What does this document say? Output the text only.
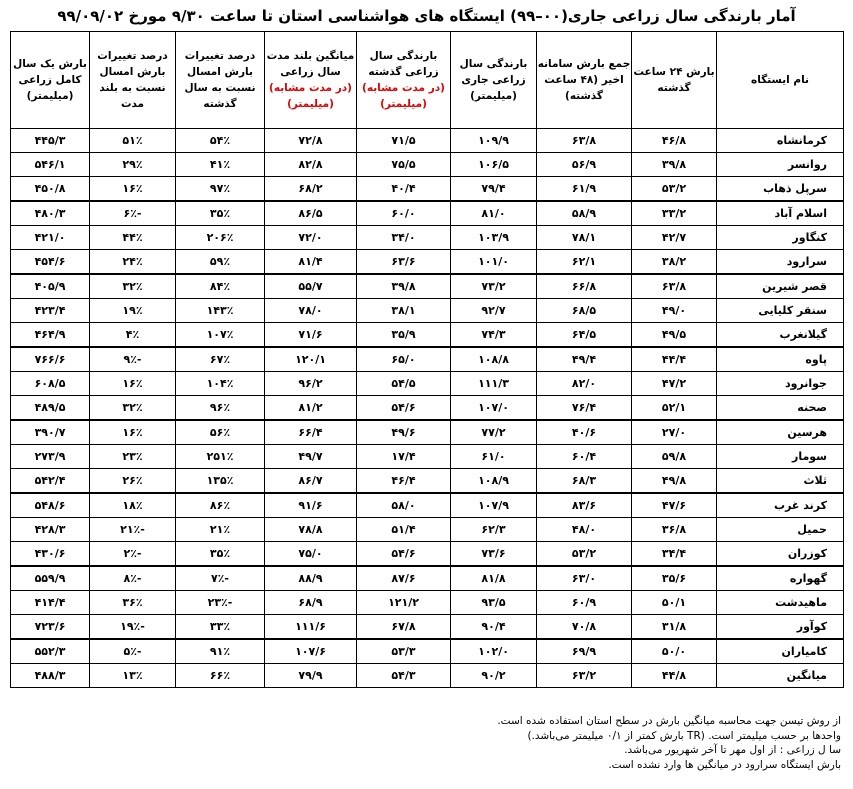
آمار بارندگی سال زراعی جاری(۰۰–۹۹) ایستگاه های هواشناسی استان تا ساعت ۹/۳۰ مورخ ۹۹/۰۹/۰۲
نام ایستگاه	بارش ۲۴ ساعت گذشته	جمع بارش سامانه اخیر (۴۸ ساعت گذشته)	بارندگی سال زراعی جاری (میلیمتر)	بارندگی سال زراعی گذشته
(در مدت مشابه) (میلیمتر)	میانگین بلند مدت سال زراعی
(در مدت مشابه) (میلیمتر)	درصد تغییرات بارش امسال نسبت به سال گذشته	درصد تغییرات بارش امسال نسبت به بلند مدت	بارش یک سال کامل زراعی (میلیمتر)
کرمانشاه	۴۶/۸	۶۳/۸	۱۰۹/۹	۷۱/۵	۷۲/۸	۵۴٪	۵۱٪	۴۴۵/۳
روانسر	۳۹/۸	۵۶/۹	۱۰۶/۵	۷۵/۵	۸۲/۸	۴۱٪	۲۹٪	۵۴۶/۱
سرپل ذهاب	۵۳/۲	۶۱/۹	۷۹/۴	۴۰/۴	۶۸/۲	۹۷٪	۱۶٪	۴۵۰/۸
اسلام آباد	۳۳/۲	۵۸/۹	۸۱/۰	۶۰/۰	۸۶/۵	۳۵٪	-۶٪	۴۸۰/۳
کنگاور	۴۲/۷	۷۸/۱	۱۰۳/۹	۳۴/۰	۷۲/۰	۲۰۶٪	۴۴٪	۴۲۱/۰
سرارود	۳۸/۲	۶۲/۱	۱۰۱/۰	۶۳/۶	۸۱/۴	۵۹٪	۲۴٪	۴۵۴/۶
قصر شیرین	۶۳/۸	۶۶/۸	۷۳/۲	۳۹/۸	۵۵/۷	۸۴٪	۳۲٪	۴۰۵/۹
سنقر کلیایی	۴۹/۰	۶۸/۵	۹۲/۷	۳۸/۱	۷۸/۰	۱۴۳٪	۱۹٪	۴۲۳/۴
گیلانغرب	۴۹/۵	۶۴/۵	۷۴/۳	۳۵/۹	۷۱/۶	۱۰۷٪	۴٪	۴۶۴/۹
پاوه	۴۴/۴	۴۹/۴	۱۰۸/۸	۶۵/۰	۱۲۰/۱	۶۷٪	-۹٪	۷۶۶/۶
جوانرود	۴۷/۲	۸۲/۰	۱۱۱/۳	۵۴/۵	۹۶/۲	۱۰۴٪	۱۶٪	۶۰۸/۵
صحنه	۵۲/۱	۷۶/۴	۱۰۷/۰	۵۴/۶	۸۱/۲	۹۶٪	۳۲٪	۴۸۹/۵
هرسین	۲۷/۰	۴۰/۶	۷۷/۲	۴۹/۶	۶۶/۴	۵۶٪	۱۶٪	۳۹۰/۷
سومار	۵۹/۸	۶۰/۴	۶۱/۰	۱۷/۴	۴۹/۷	۲۵۱٪	۲۳٪	۲۷۳/۹
ثلاث	۴۹/۸	۶۸/۳	۱۰۸/۹	۴۶/۴	۸۶/۷	۱۳۵٪	۲۶٪	۵۴۲/۴
کرند غرب	۴۷/۶	۸۳/۶	۱۰۷/۹	۵۸/۰	۹۱/۶	۸۶٪	۱۸٪	۵۴۸/۶
حمیل	۳۶/۸	۴۸/۰	۶۲/۳	۵۱/۴	۷۸/۸	۲۱٪	-۲۱٪	۴۲۸/۳
کوزران	۳۴/۴	۵۳/۲	۷۳/۶	۵۴/۶	۷۵/۰	۳۵٪	-۲٪	۴۳۰/۶
گهواره	۳۵/۶	۶۳/۰	۸۱/۸	۸۷/۶	۸۸/۹	-۷٪	-۸٪	۵۵۹/۹
ماهیدشت	۵۰/۱	۶۰/۹	۹۳/۵	۱۲۱/۲	۶۸/۹	-۲۳٪	۳۶٪	۴۱۴/۴
کوآور	۳۱/۸	۷۰/۸	۹۰/۴	۶۷/۸	۱۱۱/۶	۳۳٪	-۱۹٪	۷۲۳/۶
کامیاران	۵۰/۰	۶۹/۹	۱۰۲/۰	۵۳/۳	۱۰۷/۶	۹۱٪	-۵٪	۵۵۲/۳
میانگین	۴۴/۸	۶۳/۲	۹۰/۲	۵۴/۳	۷۹/۹	۶۶٪	۱۳٪	۴۸۸/۳
از روش تیسن جهت محاسبه میانگین بارش در سطح استان استفاده شده است.
واحدها بر حسب میلیمتر است. (TR بارش کمتر از ۰/۱ میلیمتر می‌باشد.)
سا ل زراعی : از اول مهر تا آخر شهریور می‌باشد.
بارش ایستگاه سرارود در میانگین ها وارد نشده است.
